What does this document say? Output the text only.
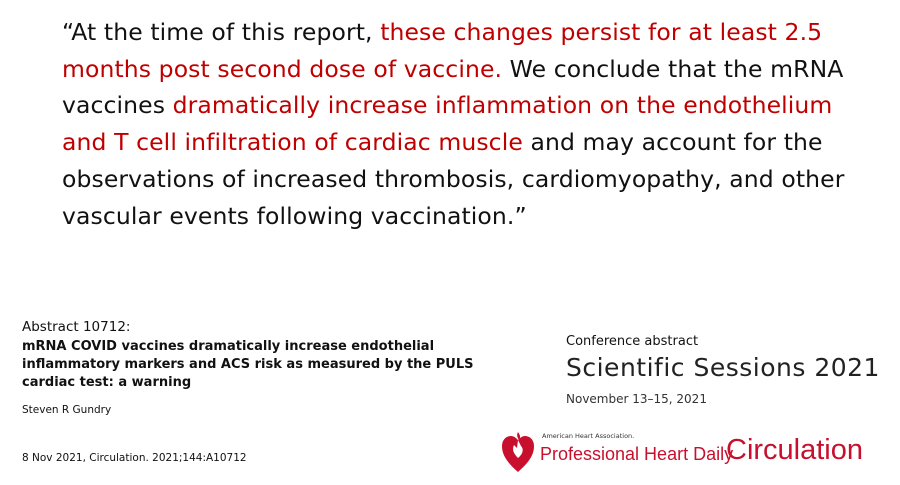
“At the time of this report, these changes persist for at least 2.5 months post second dose of vaccine. We conclude that the mRNA vaccines dramatically increase inflammation on the endothelium and T cell infiltration of cardiac muscle and may account for the observations of increased thrombosis, cardiomyopathy, and other vascular events following vaccination.”
Abstract 10712:
mRNA COVID vaccines dramatically increase endothelial inflammatory markers and ACS risk as measured by the PULS cardiac test: a warning
Steven R Gundry
8 Nov 2021, Circulation. 2021;144:A10712
Conference abstract
Scientific Sessions 2021
November 13–15, 2021
American Heart Association.
Professional Heart Daily
Circulation
